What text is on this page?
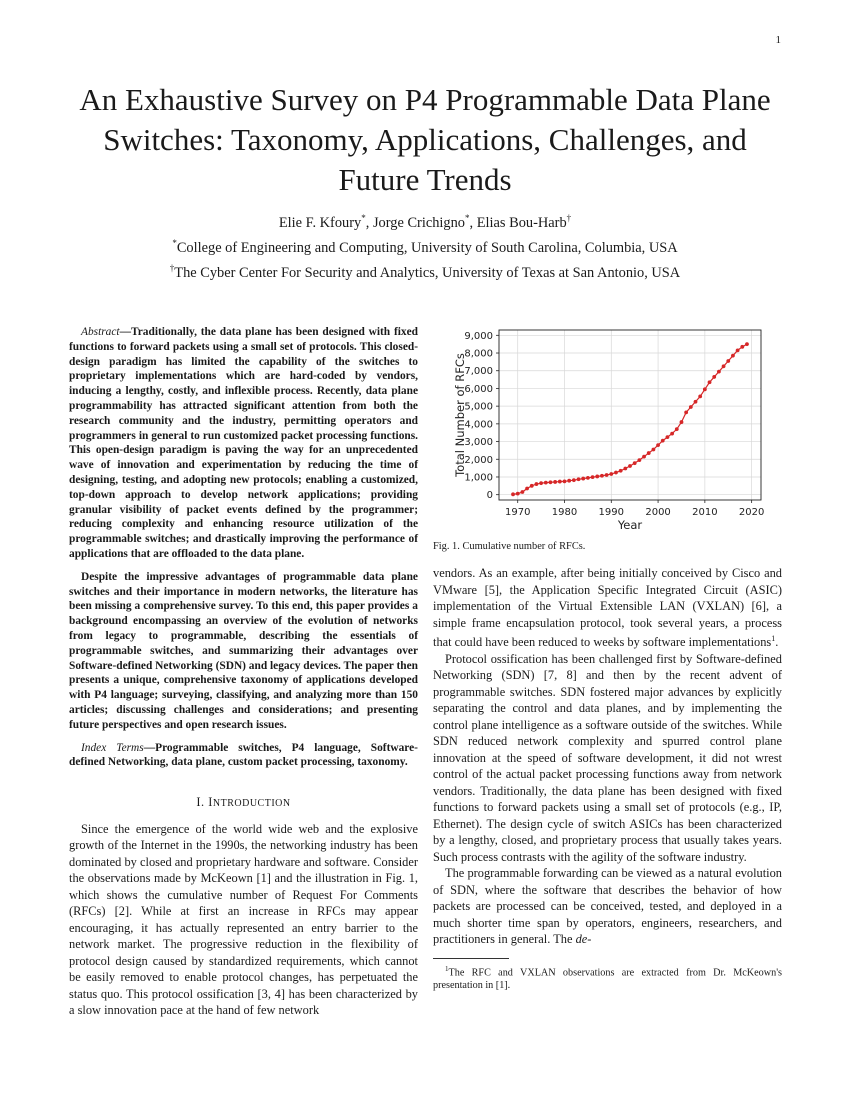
1
An Exhaustive Survey on P4 Programmable Data Plane Switches: Taxonomy, Applications, Challenges, and Future Trends
Elie F. Kfoury*, Jorge Crichigno*, Elias Bou-Harb†
*College of Engineering and Computing, University of South Carolina, Columbia, USA
†The Cyber Center For Security and Analytics, University of Texas at San Antonio, USA

Abstract—Traditionally, the data plane has been designed with fixed functions to forward packets using a small set of protocols. This closed-design paradigm has limited the capability of the switches to proprietary implementations which are hard-coded by vendors, inducing a lengthy, costly, and inflexible process. Recently, data plane programmability has attracted significant attention from both the research community and the industry, permitting operators and programmers in general to run customized packet processing functions. This open-design paradigm is paving the way for an unprecedented wave of innovation and experimentation by reducing the time of designing, testing, and adopting new protocols; enabling a customized, top-down approach to develop network applications; providing granular visibility of packet events defined by the programmer; reducing complexity and enhancing resource utilization of the programmable switches; and drastically improving the performance of applications that are offloaded to the data plane.

Despite the impressive advantages of programmable data plane switches and their importance in modern networks, the literature has been missing a comprehensive survey. To this end, this paper provides a background encompassing an overview of the evolution of networks from legacy to programmable, describing the essentials of programmable switches, and summarizing their advantages over Software-defined Networking (SDN) and legacy devices. The paper then presents a unique, comprehensive taxonomy of applications developed with P4 language; surveying, classifying, and analyzing more than 150 articles; discussing challenges and considerations; and presenting future perspectives and open research issues.

Index Terms—Programmable switches, P4 language, Software-defined Networking, data plane, custom packet processing, taxonomy.

I. INTRODUCTION

Since the emergence of the world wide web and the explosive growth of the Internet in the 1990s, the networking industry has been dominated by closed and proprietary hardware and software. Consider the observations made by McKeown [1] and the illustration in Fig. 1, which shows the cumulative number of Request For Comments (RFCs) [2]. While at first an increase in RFCs may appear encouraging, it has actually represented an entry barrier to the network market. The progressive reduction in the flexibility of protocol design caused by standardized requirements, which cannot be easily removed to enable protocol changes, has perpetuated the status quo. This protocol ossification [3, 4] has been characterized by a slow innovation pace at the hand of few network

1970 1980 1990 2000 2010 2020
0
1,000
2,000
3,000
4,000
5,000
6,000
7,000
8,000
9,000
Year
Total Number of RFCs
Fig. 1. Cumulative number of RFCs.

vendors. As an example, after being initially conceived by Cisco and VMware [5], the Application Specific Integrated Circuit (ASIC) implementation of the Virtual Extensible LAN (VXLAN) [6], a simple frame encapsulation protocol, took several years, a process that could have been reduced to weeks by software implementations$^1$.

Protocol ossification has been challenged first by Software-defined Networking (SDN) [7, 8] and then by the recent advent of programmable switches. SDN fostered major advances by explicitly separating the control and data planes, and by implementing the control plane intelligence as a software outside of the switches. While SDN reduced network complexity and spurred control plane innovation at the speed of software development, it did not wrest control of the actual packet processing functions away from network vendors. Traditionally, the data plane has been designed with fixed functions to forward packets using a small set of protocols (e.g., IP, Ethernet). The design cycle of switch ASICs has been characterized by a lengthy, closed, and proprietary process that usually takes years. Such process contrasts with the agility of the software industry.

The programmable forwarding can be viewed as a natural evolution of SDN, where the software that describes the behavior of how packets are processed can be conceived, tested, and deployed in a much shorter time span by operators, engineers, researchers, and practitioners in general. The de-

$^1$The RFC and VXLAN observations are extracted from Dr. McKeown's presentation in [1].
